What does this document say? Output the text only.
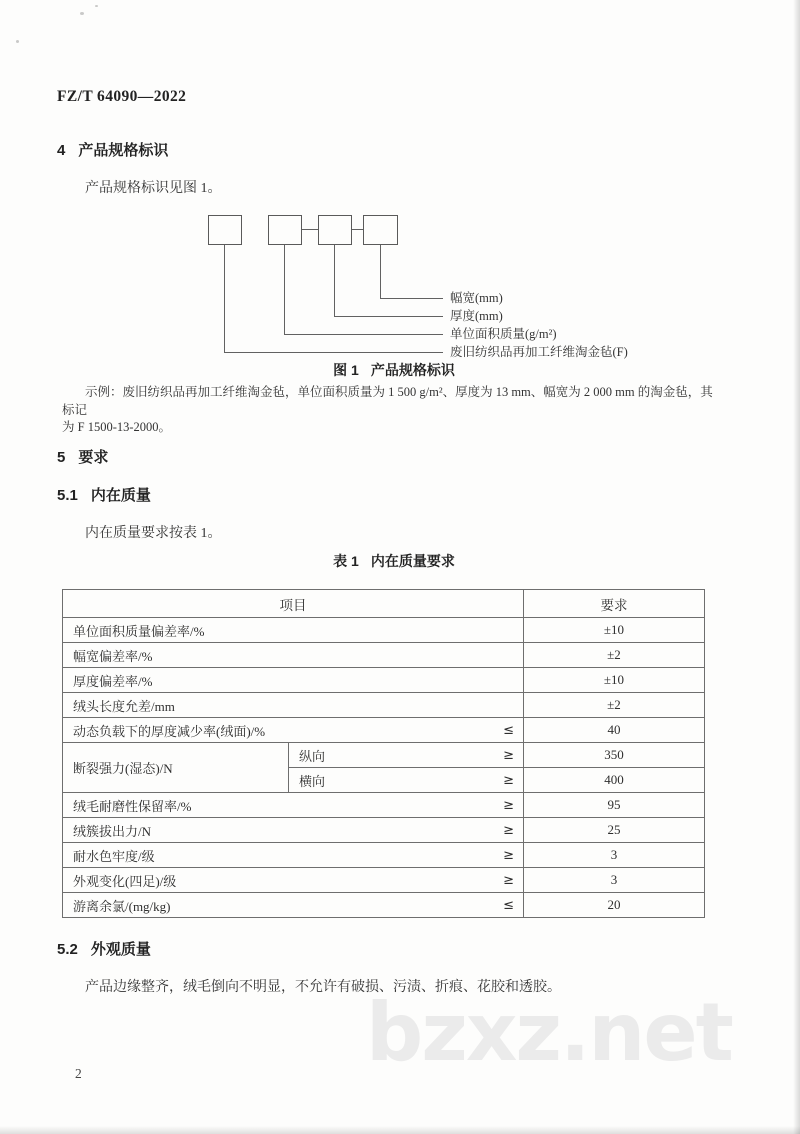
FZ/T 64090—2022
4 产品规格标识
产品规格标识见图 1。
幅宽(mm)
厚度(mm)
单位面积质量(g/m²)
废旧纺织品再加工纤维淘金毡(F)
图 1 产品规格标识
示例：废旧纺织品再加工纤维淘金毡，单位面积质量为 1 500 g/m²、厚度为 13 mm、幅宽为 2 000 mm 的淘金毡，其标记
为 F 1500-13-2000。
5 要求
5.1 内在质量
内在质量要求按表 1。
表 1 内在质量要求
项目		要求

单位面积质量偏差率/%		±10

幅宽偏差率/%		±2

厚度偏差率/%		±10

绒头长度允差/mm		±2

动态负载下的厚度减少率(绒面)/% ≤		40
断裂强力(湿态)/N	纵向 ≥	350

	横向 ≥	400

绒毛耐磨性保留率/% ≥		95

绒簇拔出力/N ≥		25

耐水色牢度/级 ≥		3

外观变化(四足)/级 ≥		3

游离余氯/(mg/kg) ≤		20
5.2 外观质量
产品边缘整齐，绒毛倒向不明显，不允许有破损、污渍、折痕、花胶和透胶。
bzxz.net
2
